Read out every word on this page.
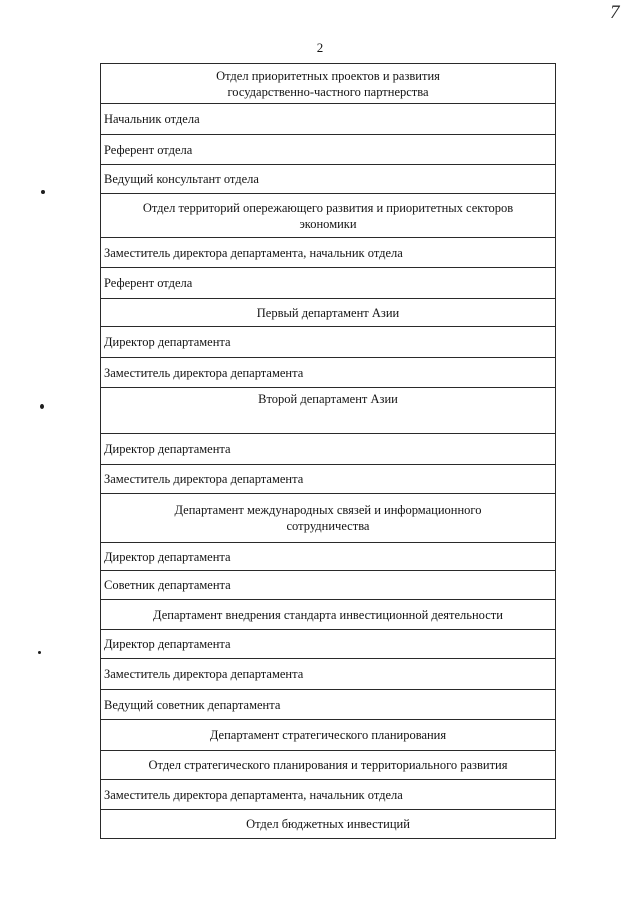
2
7
Отдел приоритетных проектов и развития
государственно-частного партнерства
Начальник отдела
Референт отдела
Ведущий консультант отдела
Отдел территорий опережающего развития и приоритетных секторов
экономики
Заместитель директора департамента, начальник отдела
Референт отдела
Первый департамент Азии
Директор департамента
Заместитель директора департамента
Второй департамент Азии
Директор департамента
Заместитель директора департамента
Департамент международных связей и информационного
сотрудничества
Директор департамента
Советник департамента
Департамент внедрения стандарта инвестиционной деятельности
Директор департамента
Заместитель директора департамента
Ведущий советник департамента
Департамент стратегического планирования
Отдел стратегического планирования и территориального развития
Заместитель директора департамента, начальник отдела
Отдел бюджетных инвестиций
